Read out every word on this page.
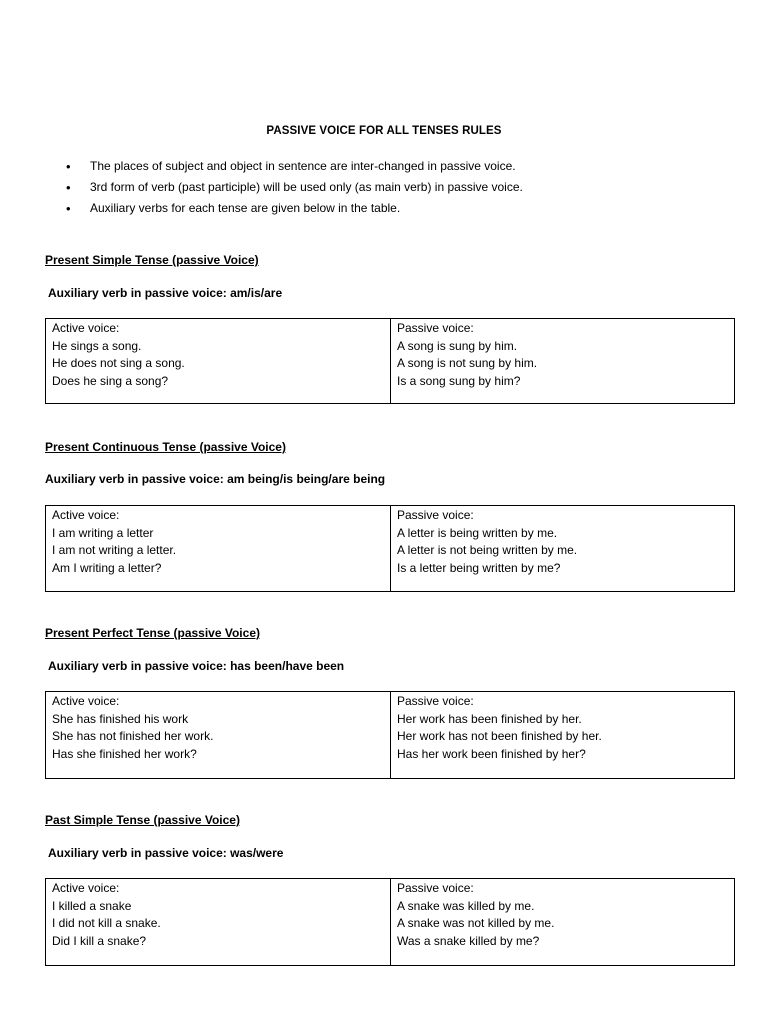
PASSIVE VOICE FOR ALL TENSES RULES
• The places of subject and object in sentence are inter-changed in passive voice.
• 3rd form of verb (past participle) will be used only (as main verb) in passive voice.
• Auxiliary verbs for each tense are given below in the table.
Present Simple Tense (passive Voice)
Auxiliary verb in passive voice: am/is/are
Active voice:
He sings a song.
He does not sing a song.
Does he sing a song?
Passive voice:
A song is sung by him.
A song is not sung by him.
Is a song sung by him?
Present Continuous Tense (passive Voice)
Auxiliary verb in passive voice: am being/is being/are being
Active voice:
I am writing a letter
I am not writing a letter.
Am I writing a letter?
Passive voice:
A letter is being written by me.
A letter is not being written by me.
Is a letter being written by me?
Present Perfect Tense (passive Voice)
Auxiliary verb in passive voice: has been/have been
Active voice:
She has finished his work
She has not finished her work.
Has she finished her work?
Passive voice:
Her work has been finished by her.
Her work has not been finished by her.
Has her work been finished by her?
Past Simple Tense (passive Voice)
Auxiliary verb in passive voice: was/were
Active voice:
I killed a snake
I did not kill a snake.
Did I kill a snake?
Passive voice:
A snake was killed by me.
A snake was not killed by me.
Was a snake killed by me?
